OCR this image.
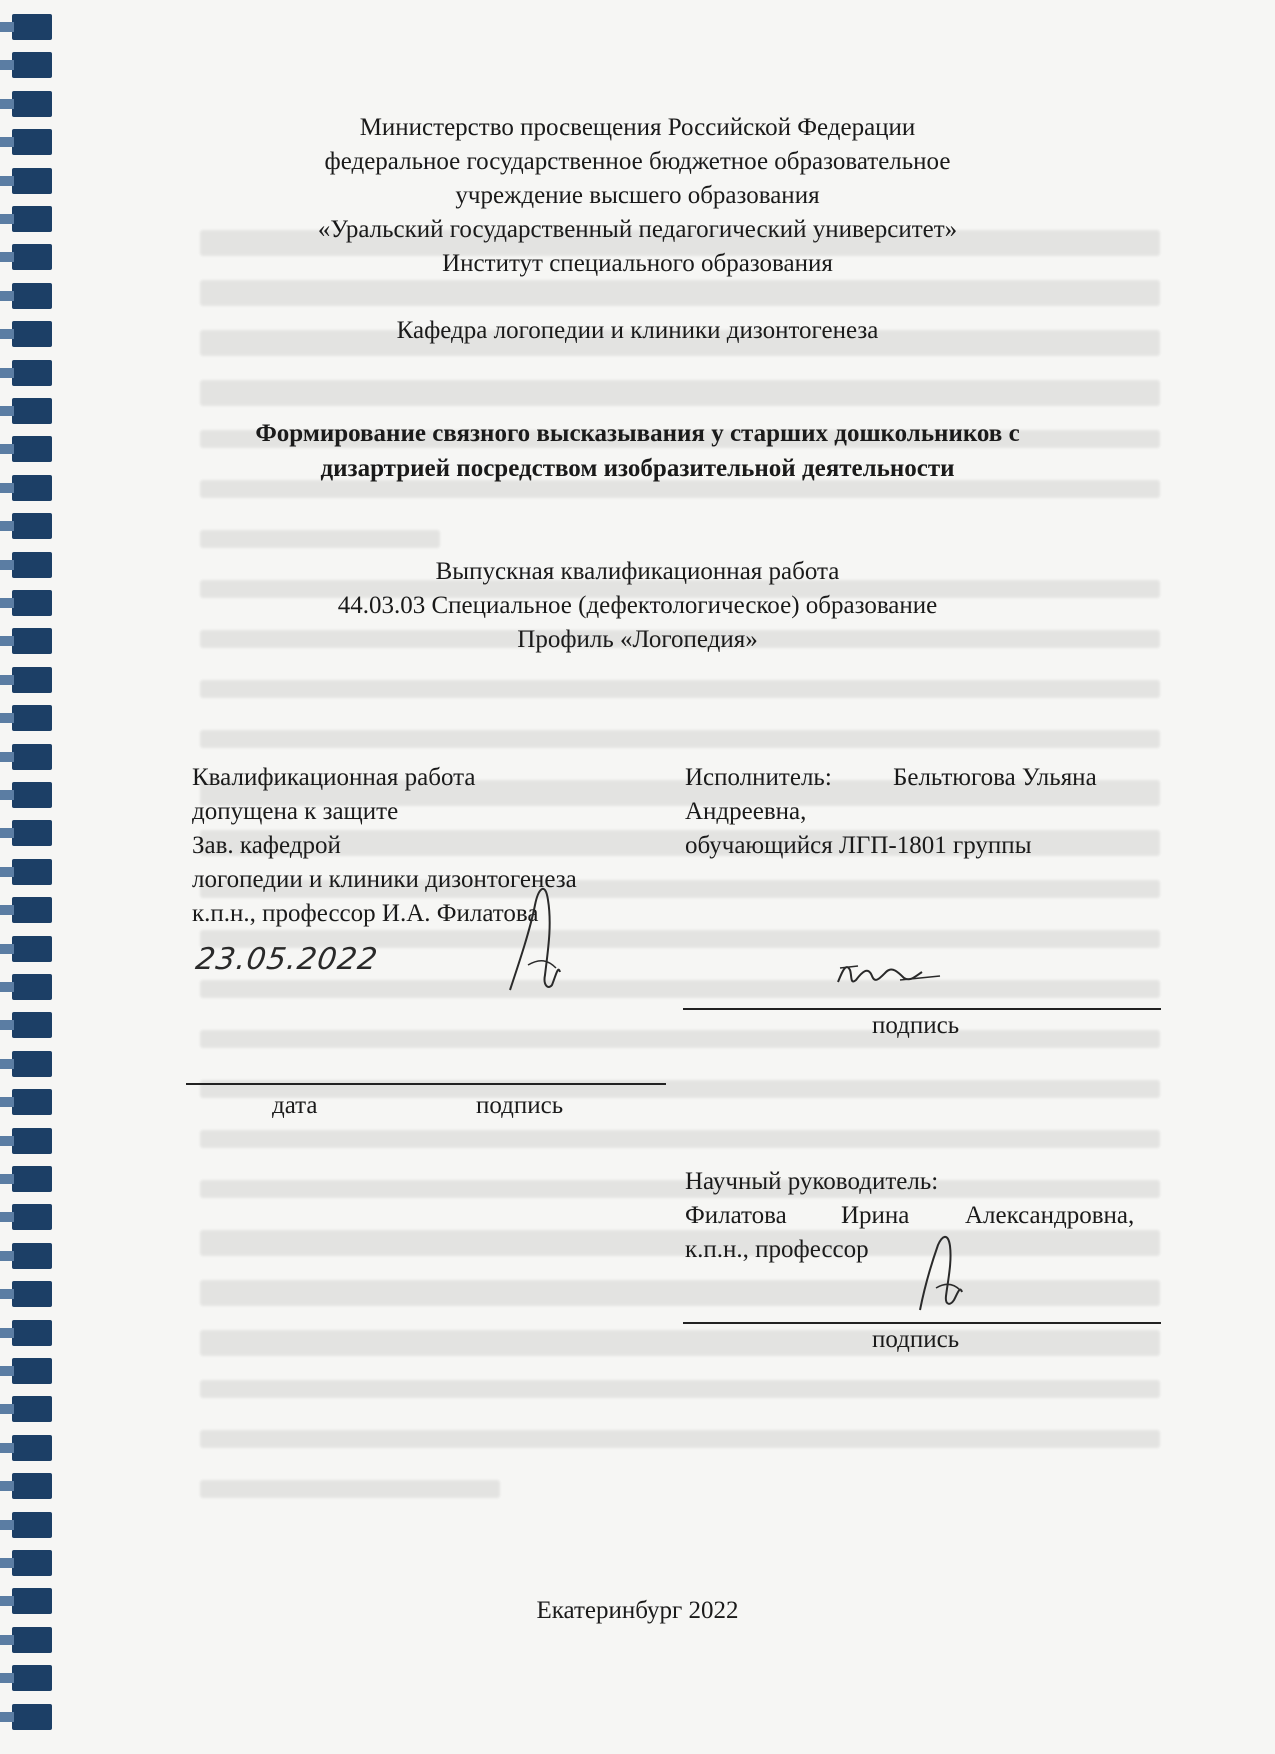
Министерство просвещения Российской Федерации
федеральное государственное бюджетное образовательное
учреждение высшего образования
«Уральский государственный педагогический университет»
Институт специального образования
Кафедра логопедии и клиники дизонтогенеза
Формирование связного высказывания у старших дошкольников с
дизартрией посредством изобразительной деятельности
Выпускная квалификационная работа
44.03.03 Специальное (дефектологическое) образование
Профиль «Логопедия»
Квалификационная работа
допущена к защите
Зав. кафедрой
логопедии и клиники дизонтогенеза
к.п.н., профессор И.А. Филатова
23.05.2022
дата	подпись
Исполнитель: Бельтюгова Ульяна
Андреевна,
обучающийся ЛГП-1801 группы
подпись
Научный руководитель:
Филатова Ирина Александровна,
к.п.н., профессор
подпись
Екатеринбург 2022
